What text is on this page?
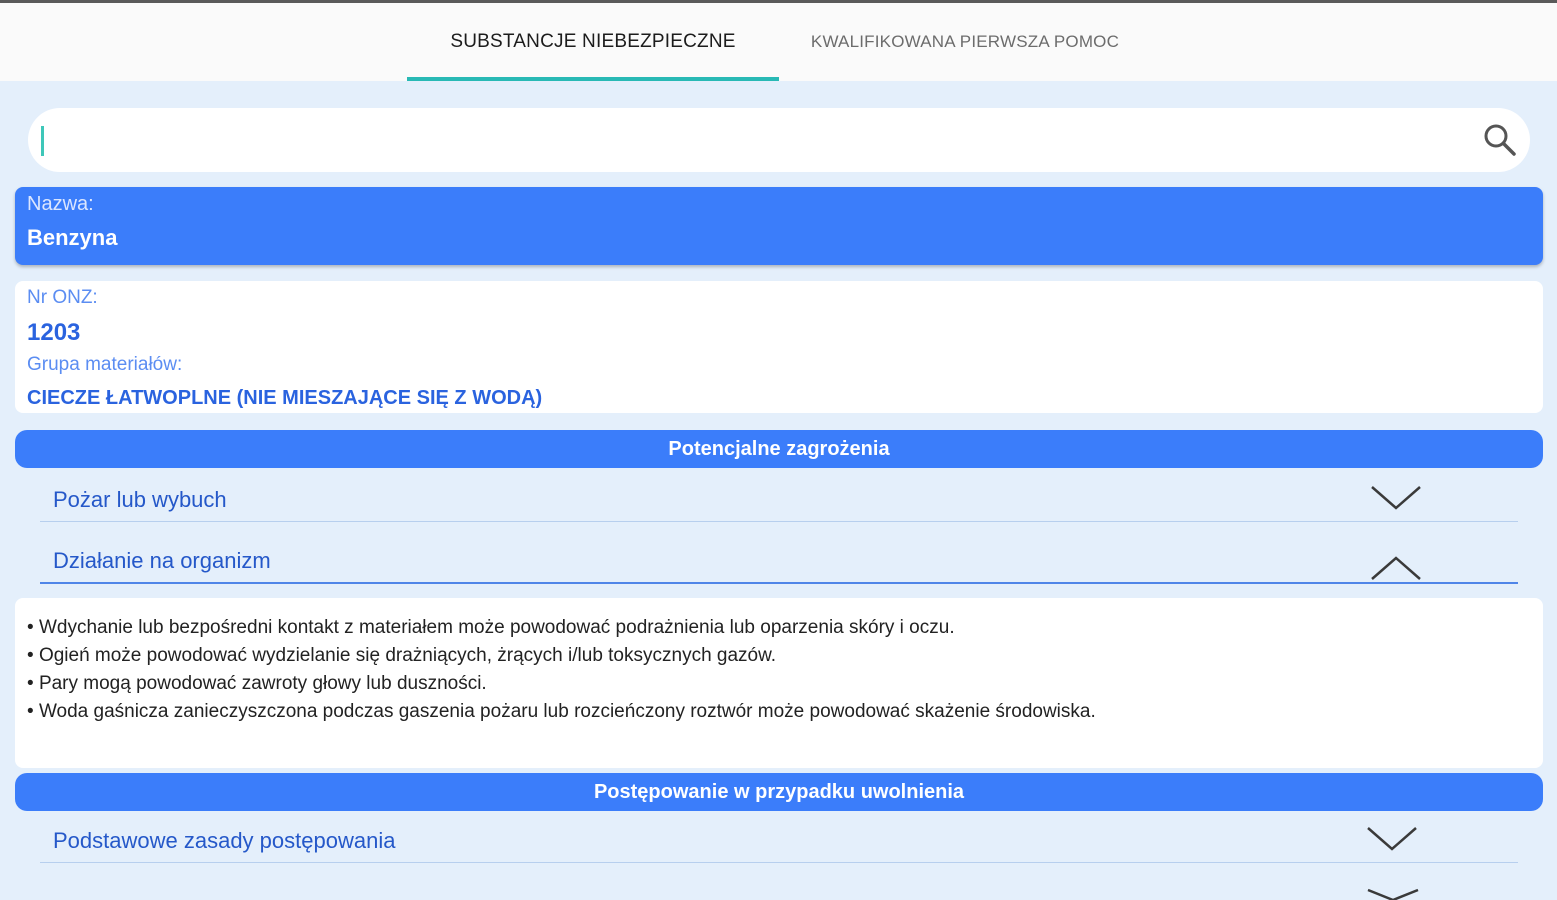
SUBSTANCJE NIEBEZPIECZNE	KWALIFIKOWANA PIERWSZA POMOC
Nazwa:
Benzyna
Nr ONZ:
1203
Grupa materiałów:
CIECZE ŁATWOPLNE (NIE MIESZAJĄCE SIĘ Z WODĄ)
Potencjalne zagrożenia
Pożar lub wybuch
Działanie na organizm
• Wdychanie lub bezpośredni kontakt z materiałem może powodować podrażnienia lub oparzenia skóry i oczu.
• Ogień może powodować wydzielanie się drażniących, żrących i/lub toksycznych gazów.
• Pary mogą powodować zawroty głowy lub duszności.
• Woda gaśnicza zanieczyszczona podczas gaszenia pożaru lub rozcieńczony roztwór może powodować skażenie środowiska.
Postępowanie w przypadku uwolnienia
Podstawowe zasady postępowania
